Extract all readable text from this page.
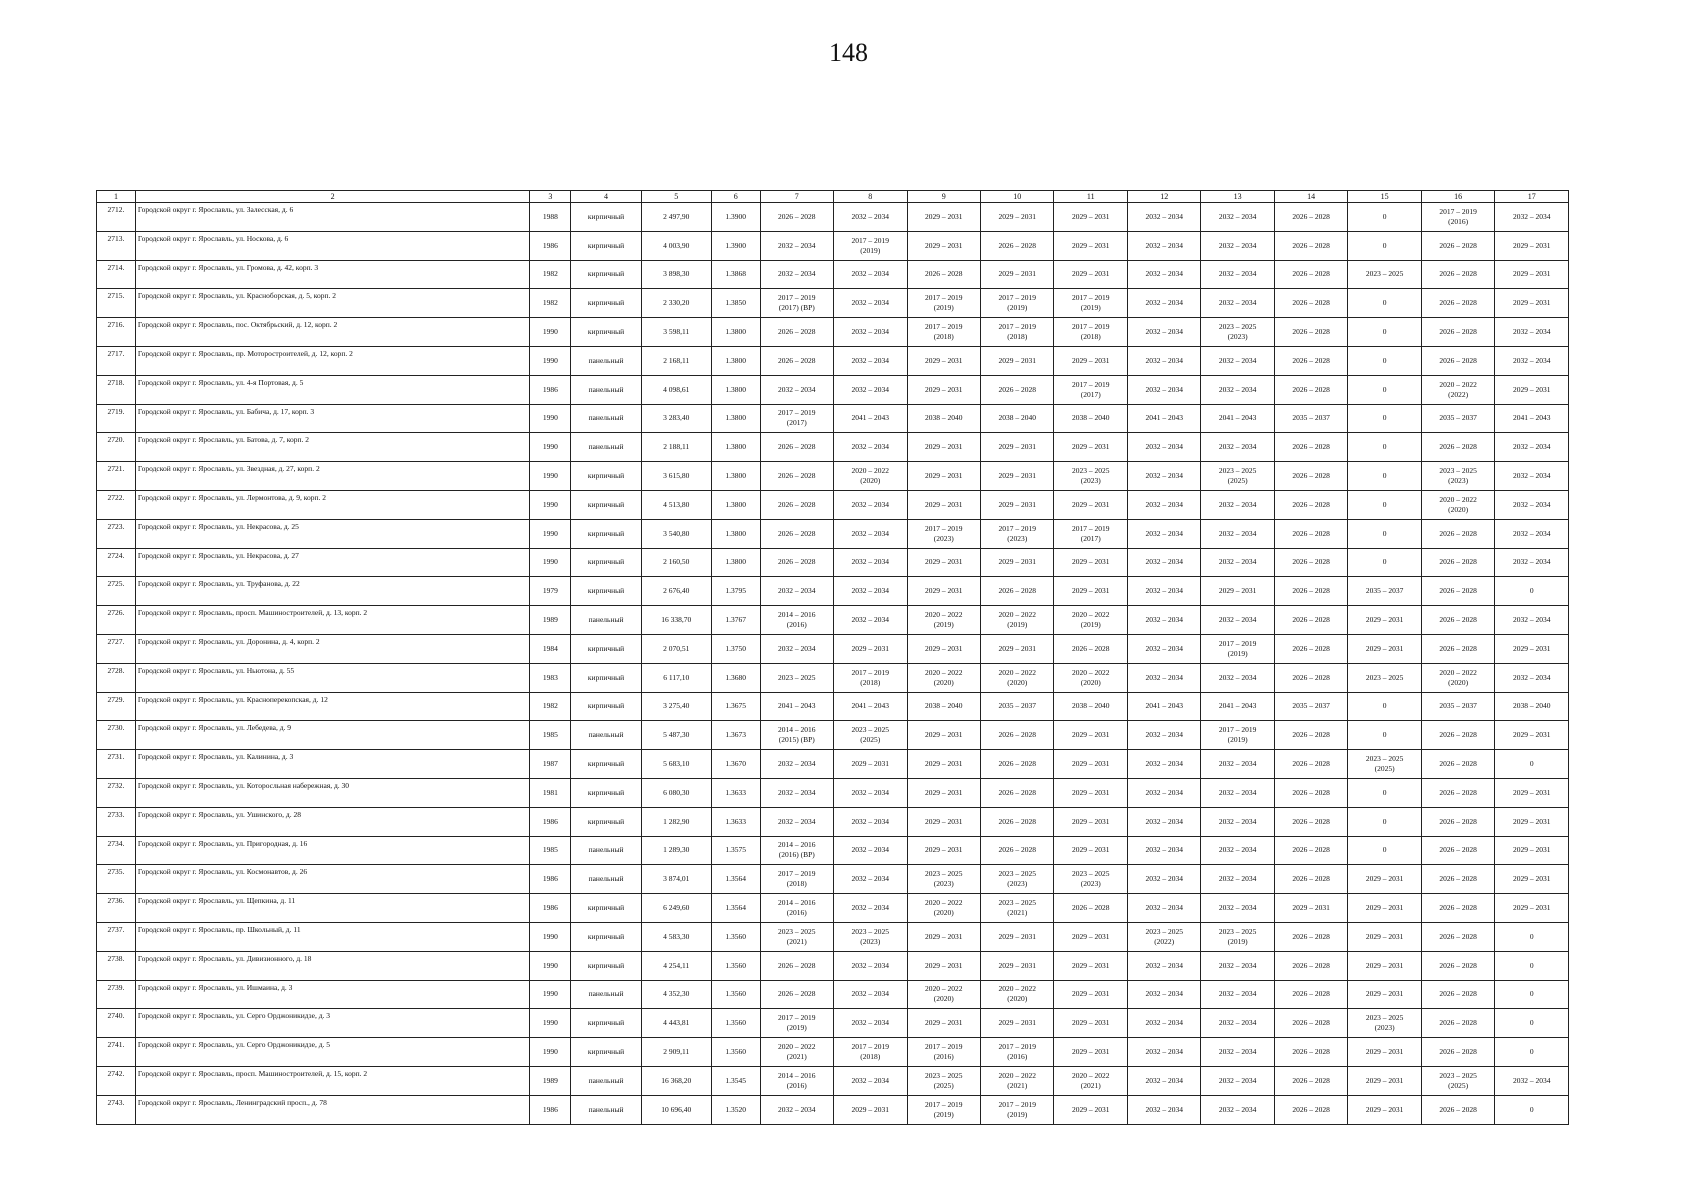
148
1	2	3	4	5	6	7	8	9	10	11	12	13	14	15	16	17
2712.	Городской округ г. Ярославль, ул. Залесская, д. 6	1988	кирпичный	2 497,90	1.3900	2026 – 2028	2032 – 2034	2029 – 2031	2029 – 2031	2029 – 2031	2032 – 2034	2032 – 2034	2026 – 2028	0	2017 – 2019
(2016)	2032 – 2034
2713.	Городской округ г. Ярославль, ул. Носкова, д. 6	1986	кирпичный	4 003,90	1.3900	2032 – 2034	2017 – 2019
(2019)	2029 – 2031	2026 – 2028	2029 – 2031	2032 – 2034	2032 – 2034	2026 – 2028	0	2026 – 2028	2029 – 2031
2714.	Городской округ г. Ярославль, ул. Громова, д. 42, корп. 3	1982	кирпичный	3 898,30	1.3868	2032 – 2034	2032 – 2034	2026 – 2028	2029 – 2031	2029 – 2031	2032 – 2034	2032 – 2034	2026 – 2028	2023 – 2025	2026 – 2028	2029 – 2031
2715.	Городской округ г. Ярославль, ул. Красноборская, д. 5, корп. 2	1982	кирпичный	2 330,20	1.3850	2017 – 2019
(2017) (ВР)	2032 – 2034	2017 – 2019
(2019)	2017 – 2019
(2019)	2017 – 2019
(2019)	2032 – 2034	2032 – 2034	2026 – 2028	0	2026 – 2028	2029 – 2031
2716.	Городской округ г. Ярославль, пос. Октябрьский, д. 12, корп. 2	1990	кирпичный	3 598,11	1.3800	2026 – 2028	2032 – 2034	2017 – 2019
(2018)	2017 – 2019
(2018)	2017 – 2019
(2018)	2032 – 2034	2023 – 2025
(2023)	2026 – 2028	0	2026 – 2028	2032 – 2034
2717.	Городской округ г. Ярославль, пр. Моторостроителей, д. 12, корп. 2	1990	панельный	2 168,11	1.3800	2026 – 2028	2032 – 2034	2029 – 2031	2029 – 2031	2029 – 2031	2032 – 2034	2032 – 2034	2026 – 2028	0	2026 – 2028	2032 – 2034
2718.	Городской округ г. Ярославль, ул. 4-я Портовая, д. 5	1986	панельный	4 098,61	1.3800	2032 – 2034	2032 – 2034	2029 – 2031	2026 – 2028	2017 – 2019
(2017)	2032 – 2034	2032 – 2034	2026 – 2028	0	2020 – 2022
(2022)	2029 – 2031
2719.	Городской округ г. Ярославль, ул. Бабича, д. 17, корп. 3	1990	панельный	3 283,40	1.3800	2017 – 2019
(2017)	2041 – 2043	2038 – 2040	2038 – 2040	2038 – 2040	2041 – 2043	2041 – 2043	2035 – 2037	0	2035 – 2037	2041 – 2043
2720.	Городской округ г. Ярославль, ул. Батова, д. 7, корп. 2	1990	панельный	2 188,11	1.3800	2026 – 2028	2032 – 2034	2029 – 2031	2029 – 2031	2029 – 2031	2032 – 2034	2032 – 2034	2026 – 2028	0	2026 – 2028	2032 – 2034
2721.	Городской округ г. Ярославль, ул. Звездная, д. 27, корп. 2	1990	кирпичный	3 615,80	1.3800	2026 – 2028	2020 – 2022
(2020)	2029 – 2031	2029 – 2031	2023 – 2025
(2023)	2032 – 2034	2023 – 2025
(2025)	2026 – 2028	0	2023 – 2025
(2023)	2032 – 2034
2722.	Городской округ г. Ярославль, ул. Лермонтова, д. 9, корп. 2	1990	кирпичный	4 513,80	1.3800	2026 – 2028	2032 – 2034	2029 – 2031	2029 – 2031	2029 – 2031	2032 – 2034	2032 – 2034	2026 – 2028	0	2020 – 2022
(2020)	2032 – 2034
2723.	Городской округ г. Ярославль, ул. Некрасова, д. 25	1990	кирпичный	3 540,80	1.3800	2026 – 2028	2032 – 2034	2017 – 2019
(2023)	2017 – 2019
(2023)	2017 – 2019
(2017)	2032 – 2034	2032 – 2034	2026 – 2028	0	2026 – 2028	2032 – 2034
2724.	Городской округ г. Ярославль, ул. Некрасова, д. 27	1990	кирпичный	2 160,50	1.3800	2026 – 2028	2032 – 2034	2029 – 2031	2029 – 2031	2029 – 2031	2032 – 2034	2032 – 2034	2026 – 2028	0	2026 – 2028	2032 – 2034
2725.	Городской округ г. Ярославль, ул. Труфанова, д. 22	1979	кирпичный	2 676,40	1.3795	2032 – 2034	2032 – 2034	2029 – 2031	2026 – 2028	2029 – 2031	2032 – 2034	2029 – 2031	2026 – 2028	2035 – 2037	2026 – 2028	0
2726.	Городской округ г. Ярославль, просп. Машиностроителей, д. 13, корп. 2	1989	панельный	16 338,70	1.3767	2014 – 2016
(2016)	2032 – 2034	2020 – 2022
(2019)	2020 – 2022
(2019)	2020 – 2022
(2019)	2032 – 2034	2032 – 2034	2026 – 2028	2029 – 2031	2026 – 2028	2032 – 2034
2727.	Городской округ г. Ярославль, ул. Доронина, д. 4, корп. 2	1984	кирпичный	2 070,51	1.3750	2032 – 2034	2029 – 2031	2029 – 2031	2029 – 2031	2026 – 2028	2032 – 2034	2017 – 2019
(2019)	2026 – 2028	2029 – 2031	2026 – 2028	2029 – 2031
2728.	Городской округ г. Ярославль, ул. Ньютона, д. 55	1983	кирпичный	6 117,10	1.3680	2023 – 2025	2017 – 2019
(2018)	2020 – 2022
(2020)	2020 – 2022
(2020)	2020 – 2022
(2020)	2032 – 2034	2032 – 2034	2026 – 2028	2023 – 2025	2020 – 2022
(2020)	2032 – 2034
2729.	Городской округ г. Ярославль, ул. Красноперекопская, д. 12	1982	кирпичный	3 275,40	1.3675	2041 – 2043	2041 – 2043	2038 – 2040	2035 – 2037	2038 – 2040	2041 – 2043	2041 – 2043	2035 – 2037	0	2035 – 2037	2038 – 2040
2730.	Городской округ г. Ярославль, ул. Лебедева, д. 9	1985	панельный	5 487,30	1.3673	2014 – 2016
(2015) (ВР)	2023 – 2025
(2025)	2029 – 2031	2026 – 2028	2029 – 2031	2032 – 2034	2017 – 2019
(2019)	2026 – 2028	0	2026 – 2028	2029 – 2031
2731.	Городской округ г. Ярославль, ул. Калинина, д. 3	1987	кирпичный	5 683,10	1.3670	2032 – 2034	2029 – 2031	2029 – 2031	2026 – 2028	2029 – 2031	2032 – 2034	2032 – 2034	2026 – 2028	2023 – 2025
(2025)	2026 – 2028	0
2732.	Городской округ г. Ярославль, ул. Которосльная набережная, д. 30	1981	кирпичный	6 080,30	1.3633	2032 – 2034	2032 – 2034	2029 – 2031	2026 – 2028	2029 – 2031	2032 – 2034	2032 – 2034	2026 – 2028	0	2026 – 2028	2029 – 2031
2733.	Городской округ г. Ярославль, ул. Ушинского, д. 28	1986	кирпичный	1 282,90	1.3633	2032 – 2034	2032 – 2034	2029 – 2031	2026 – 2028	2029 – 2031	2032 – 2034	2032 – 2034	2026 – 2028	0	2026 – 2028	2029 – 2031
2734.	Городской округ г. Ярославль, ул. Пригородная, д. 16	1985	панельный	1 289,30	1.3575	2014 – 2016
(2016) (ВР)	2032 – 2034	2029 – 2031	2026 – 2028	2029 – 2031	2032 – 2034	2032 – 2034	2026 – 2028	0	2026 – 2028	2029 – 2031
2735.	Городской округ г. Ярославль, ул. Космонавтов, д. 26	1986	панельный	3 874,01	1.3564	2017 – 2019
(2018)	2032 – 2034	2023 – 2025
(2023)	2023 – 2025
(2023)	2023 – 2025
(2023)	2032 – 2034	2032 – 2034	2026 – 2028	2029 – 2031	2026 – 2028	2029 – 2031
2736.	Городской округ г. Ярославль, ул. Щепкина, д. 11	1986	кирпичный	6 249,60	1.3564	2014 – 2016
(2016)	2032 – 2034	2020 – 2022
(2020)	2023 – 2025
(2021)	2026 – 2028	2032 – 2034	2032 – 2034	2029 – 2031	2029 – 2031	2026 – 2028	2029 – 2031
2737.	Городской округ г. Ярославль, пр. Школьный, д. 11	1990	кирпичный	4 583,30	1.3560	2023 – 2025
(2021)	2023 – 2025
(2023)	2029 – 2031	2029 – 2031	2029 – 2031	2023 – 2025
(2022)	2023 – 2025
(2019)	2026 – 2028	2029 – 2031	2026 – 2028	0
2738.	Городской округ г. Ярославль, ул. Дивизионного, д. 18	1990	кирпичный	4 254,11	1.3560	2026 – 2028	2032 – 2034	2029 – 2031	2029 – 2031	2029 – 2031	2032 – 2034	2032 – 2034	2026 – 2028	2029 – 2031	2026 – 2028	0
2739.	Городской округ г. Ярославль, ул. Ишмаина, д. 3	1990	панельный	4 352,30	1.3560	2026 – 2028	2032 – 2034	2020 – 2022
(2020)	2020 – 2022
(2020)	2029 – 2031	2032 – 2034	2032 – 2034	2026 – 2028	2029 – 2031	2026 – 2028	0
2740.	Городской округ г. Ярославль, ул. Серго Орджоникидзе, д. 3	1990	кирпичный	4 443,81	1.3560	2017 – 2019
(2019)	2032 – 2034	2029 – 2031	2029 – 2031	2029 – 2031	2032 – 2034	2032 – 2034	2026 – 2028	2023 – 2025
(2023)	2026 – 2028	0
2741.	Городской округ г. Ярославль, ул. Серго Орджоникидзе, д. 5	1990	кирпичный	2 909,11	1.3560	2020 – 2022
(2021)	2017 – 2019
(2018)	2017 – 2019
(2016)	2017 – 2019
(2016)	2029 – 2031	2032 – 2034	2032 – 2034	2026 – 2028	2029 – 2031	2026 – 2028	0
2742.	Городской округ г. Ярославль, просп. Машиностроителей, д. 15, корп. 2	1989	панельный	16 368,20	1.3545	2014 – 2016
(2016)	2032 – 2034	2023 – 2025
(2025)	2020 – 2022
(2021)	2020 – 2022
(2021)	2032 – 2034	2032 – 2034	2026 – 2028	2029 – 2031	2023 – 2025
(2025)	2032 – 2034
2743.	Городской округ г. Ярославль, Ленинградский просп., д. 78	1986	панельный	10 696,40	1.3520	2032 – 2034	2029 – 2031	2017 – 2019
(2019)	2017 – 2019
(2019)	2029 – 2031	2032 – 2034	2032 – 2034	2026 – 2028	2029 – 2031	2026 – 2028	0
